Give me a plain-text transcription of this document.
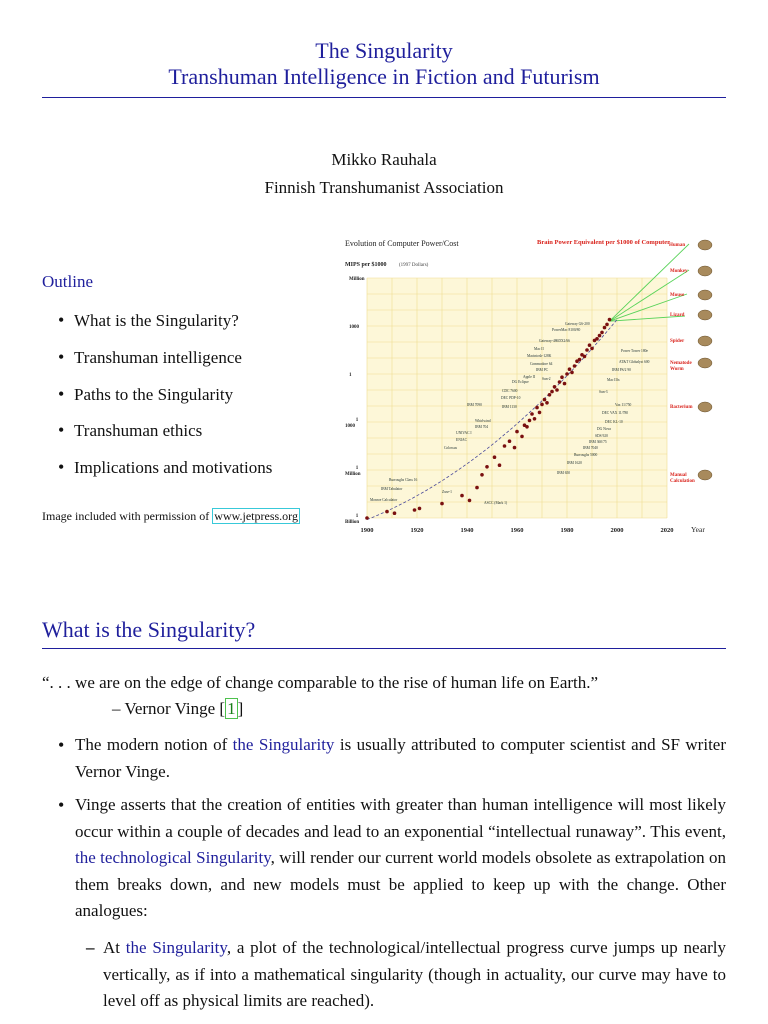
The Singularity
Transhuman Intelligence in Fiction and Futurism
Mikko Rauhala
Finnish Transhumanist Association
Outline
• What is the Singularity?
• Transhuman intelligence
• Paths to the Singularity
• Transhuman ethics
• Implications and motivations
Image included with permission of www.jetpress.org
Evolution of Computer Power/Cost
MIPS per $1000 (1997 Dollars)
Brain Power Equivalent per $1000 of Computer
Year
Million
1000
1
1
1000
1
Million
1
Billion
1900	1920	1940	1960	1980	2000	2020
Gateway G6-200
PowerMac 8100/80
Gateway-486DX2/66
Mac II
Macintosh-128K
Commodore 64
IBM PC
Apple II Sun-2
DG Eclipse
CDC 7600
DEC PDP-10
IBM 7090	IBM 1130
Whirlwind
IBM 704
UNIVAC I
ENIAC
Colossus
Burroughs Class 16
IBM Tabulator
Monroe Calculator
Zuse-1
ASCC (Mark 1)
Power Tower 180e
AT&T Globalyst 600
IBM PS/2 90
Mac IIfx
Sun-3
Vax 11/750
DEC VAX 11/780
DEC KL-10
DG Nova
SDS 920
IBM 360/75
IBM 7040
Burroughs 5000
IBM 1620
IBM 650
Human
Monkey
Mouse
Lizard
Spider
Nematode
Worm
Bacterium
Manual
Calculation
What is the Singularity?
“. . . we are on the edge of change comparable to the rise of human life on Earth.”
– Vernor Vinge [ 1 ]
• The modern notion of the Singularity is usually attributed to computer scientist and SF writer Vernor Vinge.
• Vinge asserts that the creation of entities with greater than human intelligence will most likely occur within a couple of decades and lead to an exponential “intellectual runaway”. This event, the technological Singularity, will render our current world models obsolete as extrapolation on them breaks down, and new models must be applied to keep up with the change. Other analogues:
– At the Singularity, a plot of the technological/intellectual progress curve jumps up nearly vertically, as if into a mathematical singularity (though in actuality, our curve may have to level off as physical limits are reached).
